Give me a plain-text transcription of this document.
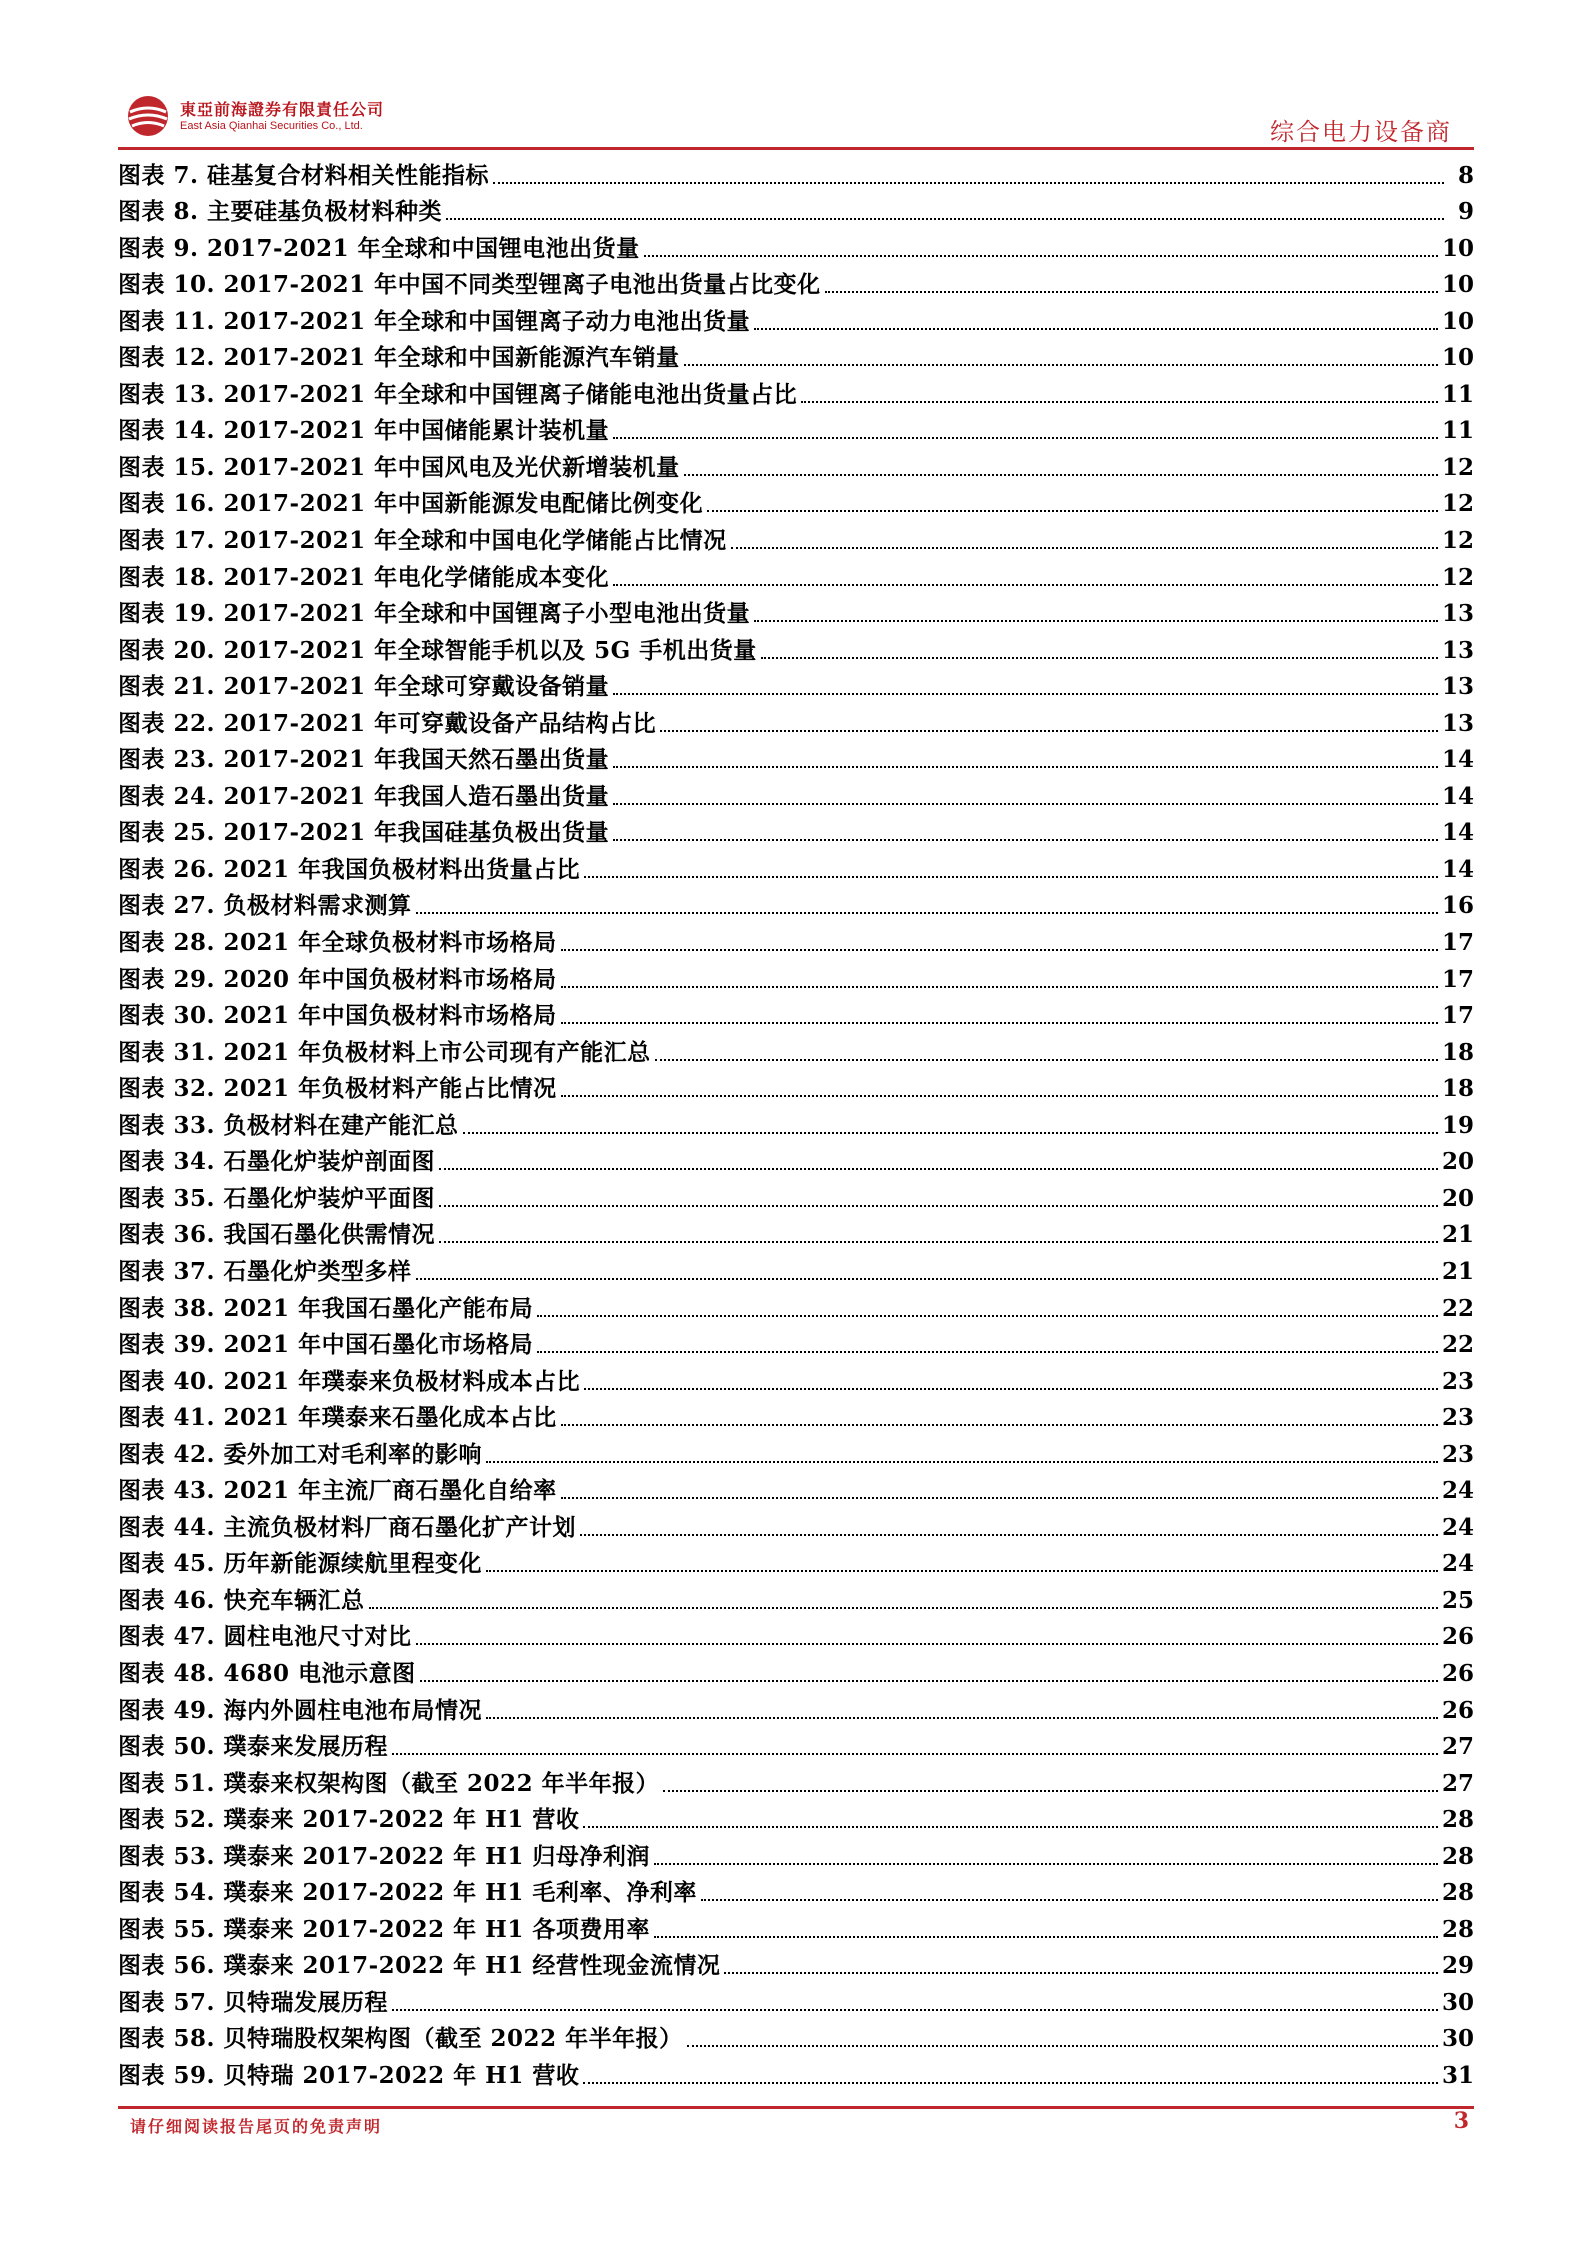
東亞前海證券有限責任公司
East Asia Qianhai Securities Co., Ltd.	综合电力设备商
图表 7. 硅基复合材料相关性能指标	8
图表 8. 主要硅基负极材料种类	9
图表 9. 2017-2021 年全球和中国锂电池出货量	10
图表 10. 2017-2021 年中国不同类型锂离子电池出货量占比变化	10
图表 11. 2017-2021 年全球和中国锂离子动力电池出货量	10
图表 12. 2017-2021 年全球和中国新能源汽车销量	10
图表 13. 2017-2021 年全球和中国锂离子储能电池出货量占比	11
图表 14. 2017-2021 年中国储能累计装机量	11
图表 15. 2017-2021 年中国风电及光伏新增装机量	12
图表 16. 2017-2021 年中国新能源发电配储比例变化	12
图表 17. 2017-2021 年全球和中国电化学储能占比情况	12
图表 18. 2017-2021 年电化学储能成本变化	12
图表 19. 2017-2021 年全球和中国锂离子小型电池出货量	13
图表 20. 2017-2021 年全球智能手机以及 5G 手机出货量	13
图表 21. 2017-2021 年全球可穿戴设备销量	13
图表 22. 2017-2021 年可穿戴设备产品结构占比	13
图表 23. 2017-2021 年我国天然石墨出货量	14
图表 24. 2017-2021 年我国人造石墨出货量	14
图表 25. 2017-2021 年我国硅基负极出货量	14
图表 26. 2021 年我国负极材料出货量占比	14
图表 27. 负极材料需求测算	16
图表 28. 2021 年全球负极材料市场格局	17
图表 29. 2020 年中国负极材料市场格局	17
图表 30. 2021 年中国负极材料市场格局	17
图表 31. 2021 年负极材料上市公司现有产能汇总	18
图表 32. 2021 年负极材料产能占比情况	18
图表 33. 负极材料在建产能汇总	19
图表 34. 石墨化炉装炉剖面图	20
图表 35. 石墨化炉装炉平面图	20
图表 36. 我国石墨化供需情况	21
图表 37. 石墨化炉类型多样	21
图表 38. 2021 年我国石墨化产能布局	22
图表 39. 2021 年中国石墨化市场格局	22
图表 40. 2021 年璞泰来负极材料成本占比	23
图表 41. 2021 年璞泰来石墨化成本占比	23
图表 42. 委外加工对毛利率的影响	23
图表 43. 2021 年主流厂商石墨化自给率	24
图表 44. 主流负极材料厂商石墨化扩产计划	24
图表 45. 历年新能源续航里程变化	24
图表 46. 快充车辆汇总	25
图表 47. 圆柱电池尺寸对比	26
图表 48. 4680 电池示意图	26
图表 49. 海内外圆柱电池布局情况	26
图表 50. 璞泰来发展历程	27
图表 51. 璞泰来权架构图（截至 2022 年半年报）	27
图表 52. 璞泰来 2017-2022 年 H1 营收	28
图表 53. 璞泰来 2017-2022 年 H1 归母净利润	28
图表 54. 璞泰来 2017-2022 年 H1 毛利率、净利率	28
图表 55. 璞泰来 2017-2022 年 H1 各项费用率	28
图表 56. 璞泰来 2017-2022 年 H1 经营性现金流情况	29
图表 57. 贝特瑞发展历程	30
图表 58. 贝特瑞股权架构图（截至 2022 年半年报）	30
图表 59. 贝特瑞 2017-2022 年 H1 营收	31
请仔细阅读报告尾页的免责声明	3
